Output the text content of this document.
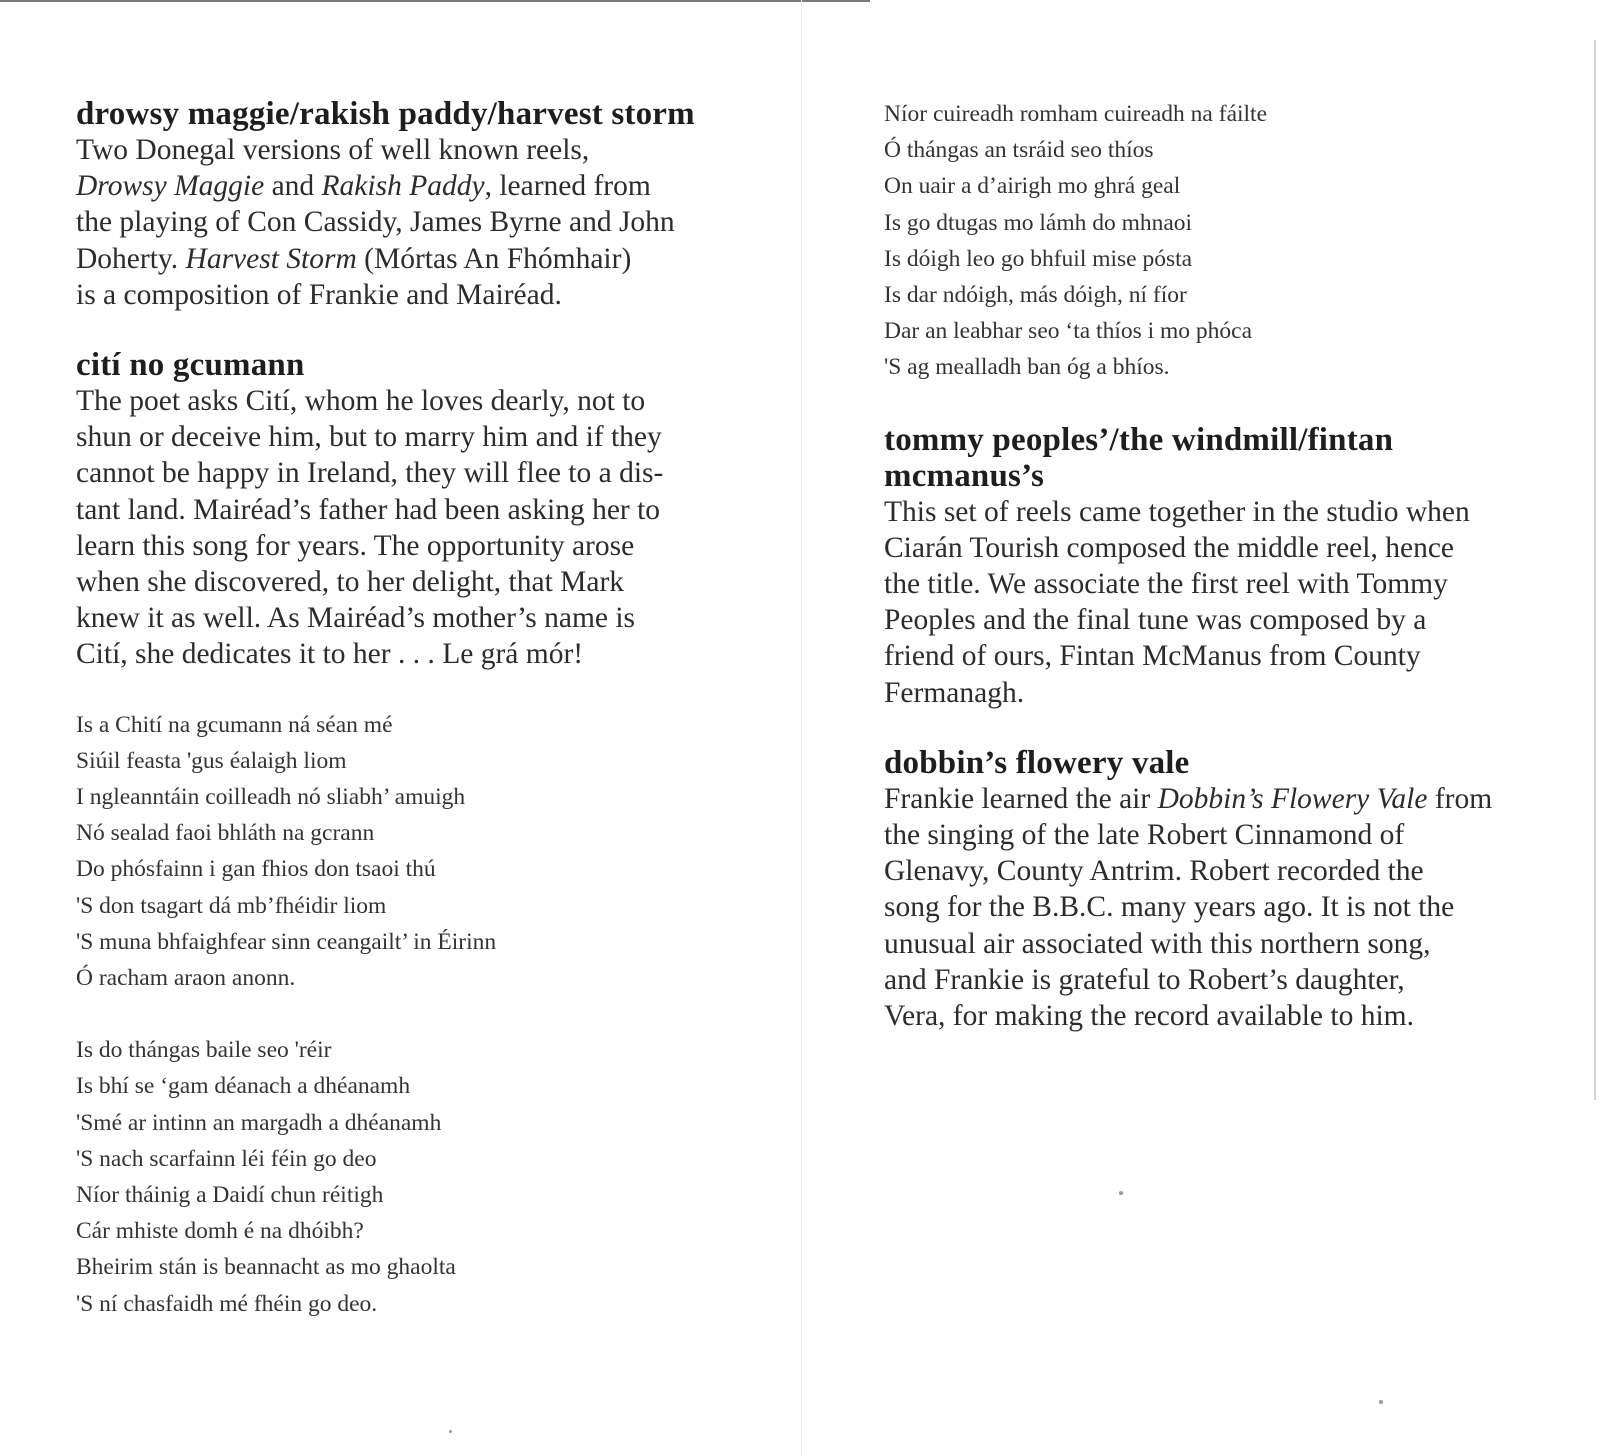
drowsy maggie/rakish paddy/harvest storm

Two Donegal versions of well known reels,
Drowsy Maggie and Rakish Paddy, learned from
the playing of Con Cassidy, James Byrne and John
Doherty. Harvest Storm (Mórtas An Fhómhair)
is a composition of Frankie and Mairéad.

cití no gcumann

The poet asks Cití, whom he loves dearly, not to
shun or deceive him, but to marry him and if they
cannot be happy in Ireland, they will flee to a dis-
tant land. Mairéad’s father had been asking her to
learn this song for years. The opportunity arose
when she discovered, to her delight, that Mark
knew it as well. As Mairéad’s mother’s name is
Cití, she dedicates it to her . . . Le grá mór!

Is a Chití na gcumann ná séan mé
Siúil feasta 'gus éalaigh liom
I ngleanntáin coilleadh nó sliabh’ amuigh
Nó sealad faoi bhláth na gcrann
Do phósfainn i gan fhios don tsaoi thú
'S don tsagart dá mb’fhéidir liom
'S muna bhfaighfear sinn ceangailt’ in Éirinn
Ó racham araon anonn.
Is do thángas baile seo 'réir
Is bhí se ‘gam déanach a dhéanamh
'Smé ar intinn an margadh a dhéanamh
'S nach scarfainn léi féin go deo
Níor tháinig a Daidí chun réitigh
Cár mhiste domh é na dhóibh?
Bheirim stán is beannacht as mo ghaolta
'S ní chasfaidh mé fhéin go deo.
Níor cuireadh romham cuireadh na fáilte
Ó thángas an tsráid seo thíos
On uair a d’airigh mo ghrá geal
Is go dtugas mo lámh do mhnaoi
Is dóigh leo go bhfuil mise pósta
Is dar ndóigh, más dóigh, ní fíor
Dar an leabhar seo ‘ta thíos i mo phóca
'S ag mealladh ban óg a bhíos.
tommy peoples’/the windmill/fintan
mcmanus’s

This set of reels came together in the studio when
Ciarán Tourish composed the middle reel, hence
the title. We associate the first reel with Tommy
Peoples and the final tune was composed by a
friend of ours, Fintan McManus from County
Fermanagh.

dobbin’s flowery vale

Frankie learned the air Dobbin’s Flowery Vale from
the singing of the late Robert Cinnamond of
Glenavy, County Antrim. Robert recorded the
song for the B.B.C. many years ago. It is not the
unusual air associated with this northern song,
and Frankie is grateful to Robert’s daughter,
Vera, for making the record available to him.
